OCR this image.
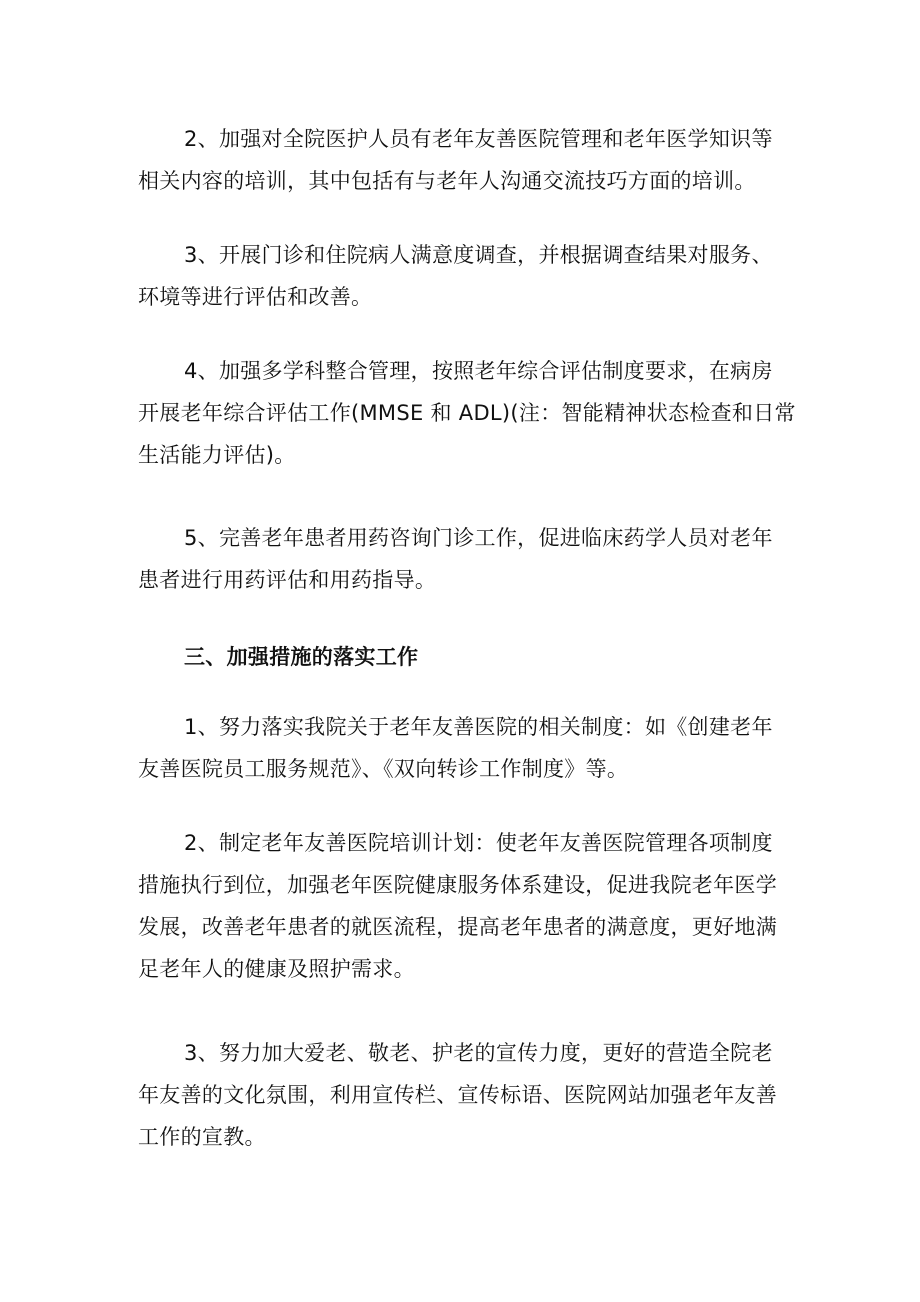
2、加强对全院医护人员有老年友善医院管理和老年医学知识等
相关内容的培训，其中包括有与老年人沟通交流技巧方面的培训。

3、开展门诊和住院病人满意度调查，并根据调查结果对服务、
环境等进行评估和改善。

4、加强多学科整合管理，按照老年综合评估制度要求，在病房
开展老年综合评估工作(MMSE 和 ADL)(注：智能精神状态检查和日常
生活能力评估)。

5、完善老年患者用药咨询门诊工作，促进临床药学人员对老年
患者进行用药评估和用药指导。

三、加强措施的落实工作

1、努力落实我院关于老年友善医院的相关制度：如《创建老年
友善医院员工服务规范》、《双向转诊工作制度》等。

2、制定老年友善医院培训计划：使老年友善医院管理各项制度
措施执行到位，加强老年医院健康服务体系建设，促进我院老年医学
发展，改善老年患者的就医流程，提高老年患者的满意度，更好地满
足老年人的健康及照护需求。

3、努力加大爱老、敬老、护老的宣传力度，更好的营造全院老
年友善的文化氛围，利用宣传栏、宣传标语、医院网站加强老年友善
工作的宣教。
